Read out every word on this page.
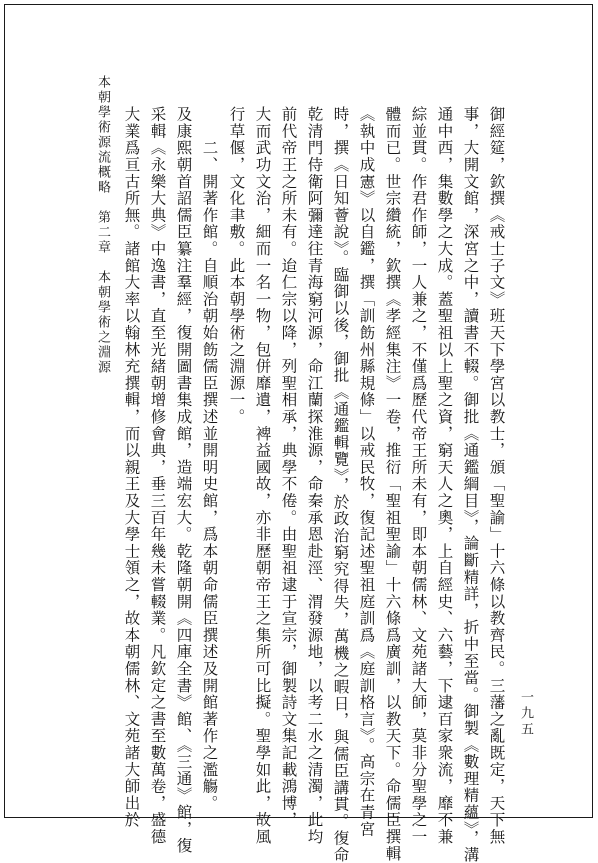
本朝學術源流概略　第二章　本朝學術之淵源
一九五
大業爲亘古所無。諸館大率以翰林充撰輯，而以親王及大學士領之，故本朝儒林、文苑諸大師出於 采輯《永樂大典》中逸書，直至光緒朝增修會典，垂三百年幾未嘗輟業。凡欽定之書至數萬卷，盛德 及康熙朝首詔儒臣纂注羣經，復開圖書集成館，造端宏大。乾隆朝開《四庫全書》館、《三通》館，復 　　二、開著作館。自順治朝始飭儒臣撰述並開明史館，爲本朝命儒臣撰述及開館著作之濫觴。 行草偃，文化聿敷。此本朝學術之淵源一。 大而武功文治，細而一名一物，包併靡遺，裨益國故，亦非歷朝帝王之集所可比擬。聖學如此，故風 前代帝王之所未有。迨仁宗以降，列聖相承，典學不倦。由聖祖逮于宣宗，御製詩文集記載鴻博， 乾清門侍衛阿彌達往青海窮河源，命江蘭探淮源，命秦承恩赴涇、渭發源地，以考二水之清濁，此均 時，撰《日知薈說》。臨御以後，御批《通鑑輯覽》，於政治窮究得失，萬機之暇日，與儒臣講貫。復命 《執中成憲》以自鑑，撰「訓飭州縣規條」以戒民牧，復記述聖祖庭訓爲《庭訓格言》。高宗在青宮 體而已。世宗纘統，欽撰《孝經集注》一卷，推衍「聖祖聖諭」十六條爲廣訓，以教天下。命儒臣撰輯 綜並貫。作君作師，一人兼之，不僅爲歷代帝王所未有，即本朝儒林、文苑諸大師，莫非分聖學之一 通中西，集數學之大成。蓋聖祖以上聖之資，窮天人之奧，上自經史、六藝，下逮百家衆流，靡不兼 事，大開文館，深宮之中，讀書不輟。御批《通鑑綱目》，論斷精詳，折中至當。御製《數理精蘊》，溝 御經筵，欽撰《戒士子文》班天下學宮以教士，頒「聖諭」十六條以教齊民。三藩之亂既定，天下無
